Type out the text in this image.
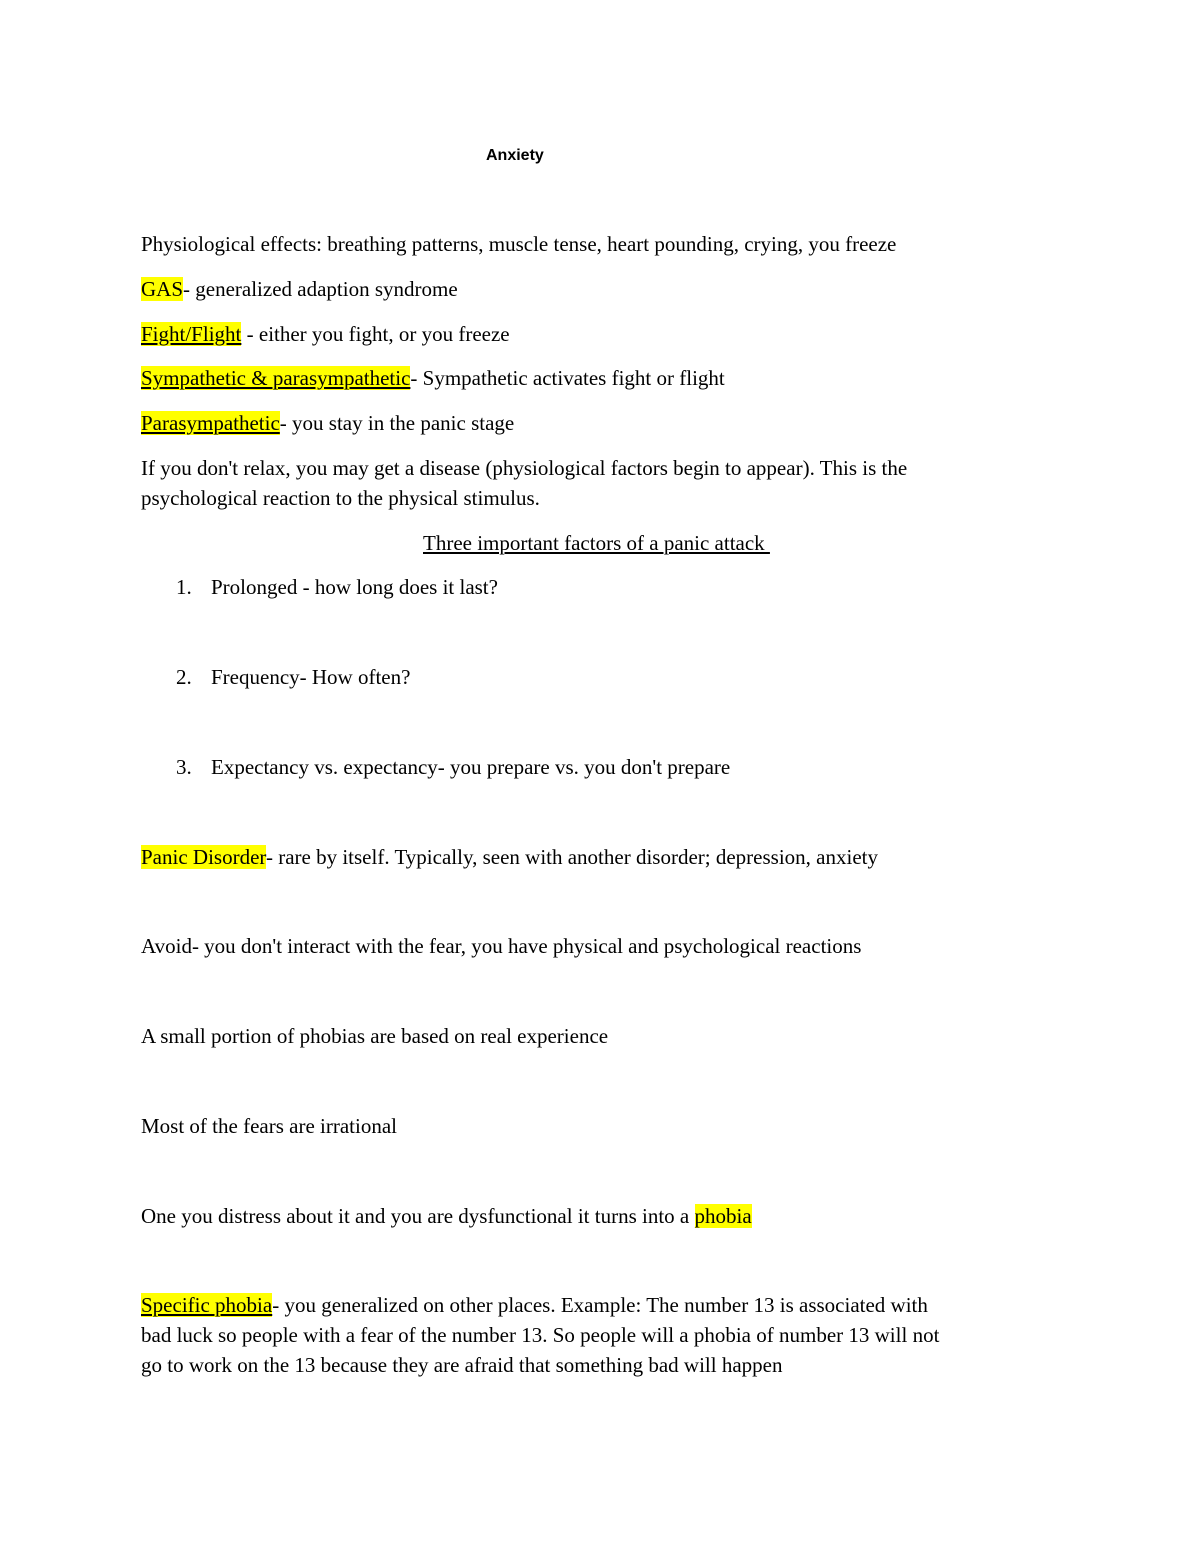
Anxiety
Physiological effects: breathing patterns, muscle tense, heart pounding, crying, you freeze
GAS- generalized adaption syndrome
Fight/Flight - either you fight, or you freeze
Sympathetic & parasympathetic- Sympathetic activates fight or flight
Parasympathetic- you stay in the panic stage
If you don't relax, you may get a disease (physiological factors begin to appear). This is the
psychological reaction to the physical stimulus.
Three important factors of a panic attack
1. Prolonged - how long does it last?
2. Frequency- How often?
3. Expectancy vs. expectancy- you prepare vs. you don't prepare
Panic Disorder- rare by itself. Typically, seen with another disorder; depression, anxiety
Avoid- you don't interact with the fear, you have physical and psychological reactions
A small portion of phobias are based on real experience
Most of the fears are irrational
One you distress about it and you are dysfunctional it turns into a phobia
Specific phobia- you generalized on other places. Example: The number 13 is associated with
bad luck so people with a fear of the number 13. So people will a phobia of number 13 will not
go to work on the 13 because they are afraid that something bad will happen
